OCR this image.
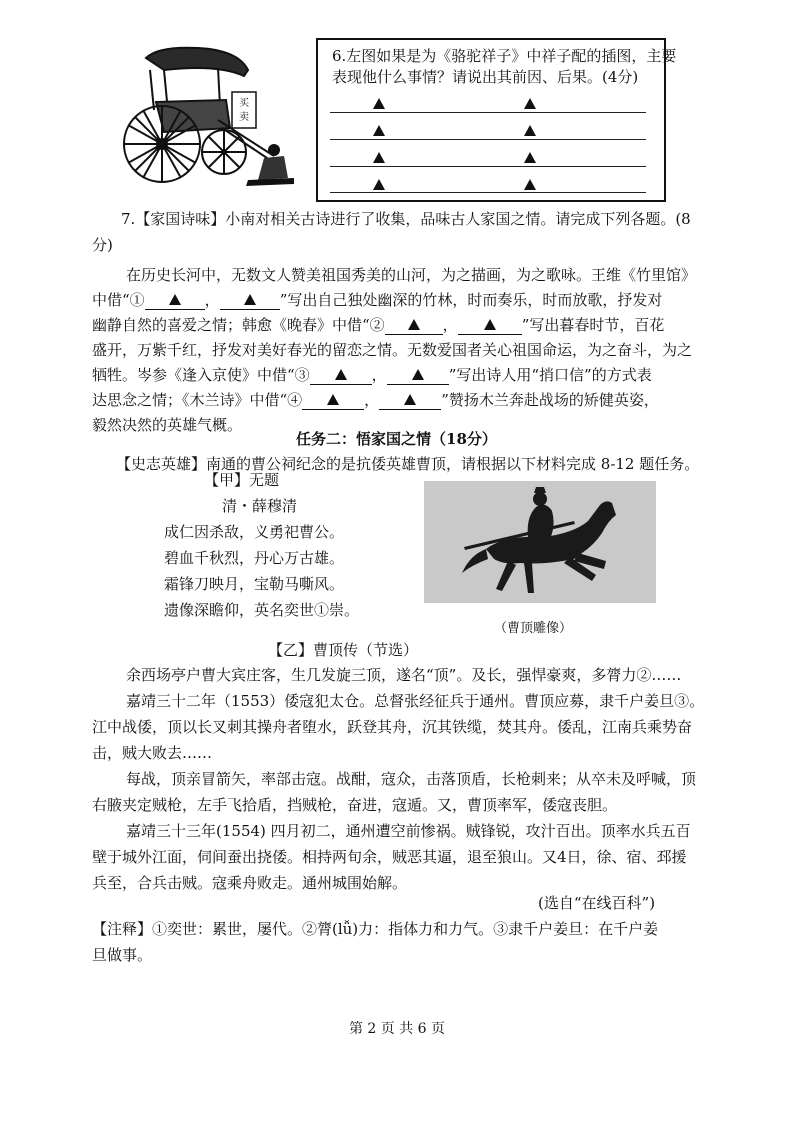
买
卖
6.左图如果是为《骆驼祥子》中祥子配的插图，主要
表现他什么事情？请说出其前因、后果。(4分)
7.【家国诗味】小南对相关古诗进行了收集，品味古人家国之情。请完成下列各题。(8
分)
在历史长河中，无数文人赞美祖国秀美的山河，为之描画，为之歌咏。王维《竹里馆》
中借“①	，	”写出自己独处幽深的竹林，时而奏乐，时而放歌，抒发对
幽静自然的喜爱之情；韩愈《晚春》中借“②	，	”写出暮春时节，百花
盛开，万紫千红，抒发对美好春光的留恋之情。无数爱国者关心祖国命运，为之奋斗，为之
牺牲。岑参《逢入京使》中借“③	，	”写出诗人用“捎口信”的方式表
达思念之情；《木兰诗》中借“④	，	”赞扬木兰奔赴战场的矫健英姿，
毅然决然的英雄气概。
任务二：悟家国之情（18分）
【史志英雄】南通的曹公祠纪念的是抗倭英雄曹顶，请根据以下材料完成 8-12 题任务。
【甲】无题
清・薛穆清
成仁因杀敌，义勇祀曹公。
碧血千秋烈，丹心万古雄。
霜锋刀映月，宝勒马嘶风。
遗像深瞻仰，英名奕世①崇。
（曹顶雕像）
【乙】曹顶传（节选）
余西场亭户曹大宾庄客，生几发旋三顶，遂名“顶”。及长，强悍豪爽，多膂力②……
嘉靖三十二年（1553）倭寇犯太仓。总督张经征兵于通州。曹顶应募，隶千户姜旦③。
江中战倭，顶以长叉刺其操舟者堕水，跃登其舟，沉其铁缆，焚其舟。倭乱，江南兵乘势奋
击，贼大败去……
每战，顶亲冒箭矢，率部击寇。战酣，寇众，击落顶盾，长枪刺来；从卒未及呼喊，顶
右腋夹定贼枪，左手飞拾盾，挡贼枪，奋进，寇遁。又，曹顶率军，倭寇丧胆。
嘉靖三十三年(1554) 四月初二，通州遭空前惨祸。贼锋锐，攻汁百出。顶率水兵五百
壁于城外江面，伺间蚕出挠倭。相持两旬余，贼恶其逼，退至狼山。又4日，徐、宿、邳援
兵至，合兵击贼。寇乘舟败走。通州城围始解。
(选自“在线百科”)
【注释】①奕世：累世，屡代。②膂(lǚ)力：指体力和力气。③隶千户姜旦：在千户姜
旦做事。
第 2 页 共 6 页
